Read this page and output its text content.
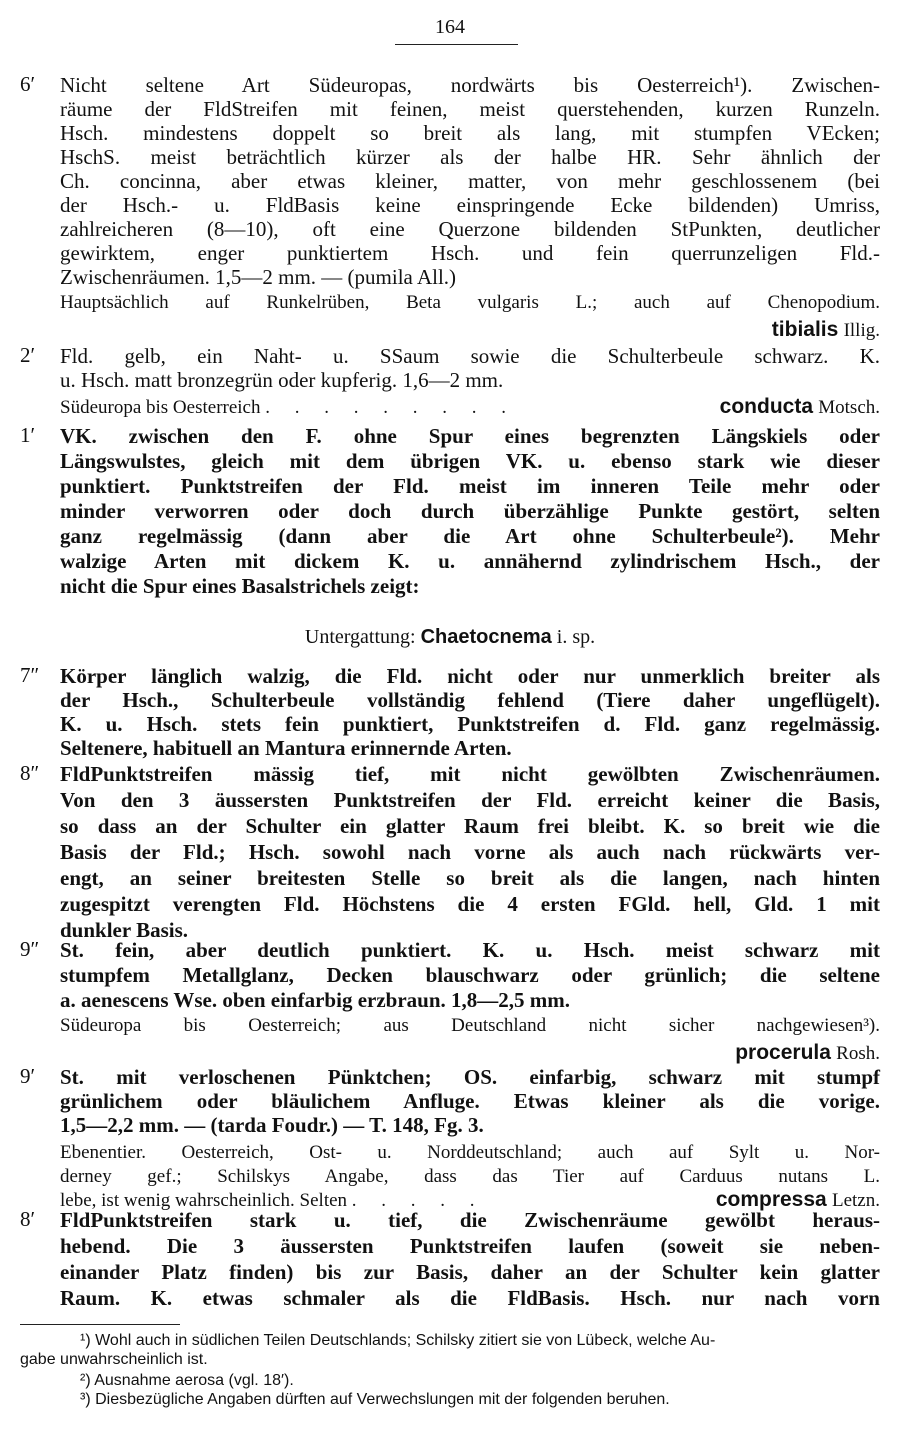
164
6′ Nicht seltene Art Südeuropas, nordwärts bis Oesterreich¹). Zwischen-
räume der FldStreifen mit feinen, meist querstehenden, kurzen Runzeln.
Hsch. mindestens doppelt so breit als lang, mit stumpfen VEcken;
HschS. meist beträchtlich kürzer als der halbe HR. Sehr ähnlich der
Ch. concinna, aber etwas kleiner, matter, von mehr geschlossenem (bei
der Hsch.- u. FldBasis keine einspringende Ecke bildenden) Umriss,
zahlreicheren (8—10), oft eine Querzone bildenden StPunkten, deutlicher
gewirktem, enger punktiertem Hsch. und fein querrunzeligen Fld.-
Zwischenräumen. 1,5—2 mm. — (pumila All.)
Hauptsächlich auf Runkelrüben, Beta vulgaris L.; auch auf Chenopodium.
tibialis Illig.
2′ Fld. gelb, ein Naht- u. SSaum sowie die Schulterbeule schwarz. K.
u. Hsch. matt bronzegrün oder kupferig. 1,6—2 mm.
Südeuropa bis Oesterreich . . . . . . . . .	conducta Motsch.
1′ VK. zwischen den F. ohne Spur eines begrenzten Längskiels oder
Längswulstes, gleich mit dem übrigen VK. u. ebenso stark wie dieser
punktiert. Punktstreifen der Fld. meist im inneren Teile mehr oder
minder verworren oder doch durch überzählige Punkte gestört, selten
ganz regelmässig (dann aber die Art ohne Schulterbeule²). Mehr
walzige Arten mit dickem K. u. annähernd zylindrischem Hsch., der
nicht die Spur eines Basalstrichels zeigt:
Untergattung: Chaetocnema i. sp.
7″ Körper länglich walzig, die Fld. nicht oder nur unmerklich breiter als
der Hsch., Schulterbeule vollständig fehlend (Tiere daher ungeflügelt).
K. u. Hsch. stets fein punktiert, Punktstreifen d. Fld. ganz regelmässig.
Seltenere, habituell an Mantura erinnernde Arten.
8″ FldPunktstreifen mässig tief, mit nicht gewölbten Zwischenräumen.
Von den 3 äussersten Punktstreifen der Fld. erreicht keiner die Basis,
so dass an der Schulter ein glatter Raum frei bleibt. K. so breit wie die
Basis der Fld.; Hsch. sowohl nach vorne als auch nach rückwärts ver-
engt, an seiner breitesten Stelle so breit als die langen, nach hinten
zugespitzt verengten Fld. Höchstens die 4 ersten FGld. hell, Gld. 1 mit
dunkler Basis.
9″ St. fein, aber deutlich punktiert. K. u. Hsch. meist schwarz mit
stumpfem Metallglanz, Decken blauschwarz oder grünlich; die seltene
a. aenescens Wse. oben einfarbig erzbraun. 1,8—2,5 mm.
Südeuropa bis Oesterreich; aus Deutschland nicht sicher nachgewiesen³).
procerula Rosh.
9′ St. mit verloschenen Pünktchen; OS. einfarbig, schwarz mit stumpf
grünlichem oder bläulichem Anfluge. Etwas kleiner als die vorige.
1,5—2,2 mm. — (tarda Foudr.) — T. 148, Fg. 3.
Ebenentier. Oesterreich, Ost- u. Norddeutschland; auch auf Sylt u. Nor-
derney gef.; Schilskys Angabe, dass das Tier auf Carduus nutans L.
lebe, ist wenig wahrscheinlich. Selten . . . . .	compressa Letzn.
8′ FldPunktstreifen stark u. tief, die Zwischenräume gewölbt heraus-
hebend. Die 3 äussersten Punktstreifen laufen (soweit sie neben-
einander Platz finden) bis zur Basis, daher an der Schulter kein glatter
Raum. K. etwas schmaler als die FldBasis. Hsch. nur nach vorn
¹) Wohl auch in südlichen Teilen Deutschlands; Schilsky zitiert sie von Lübeck, welche Au-
gabe unwahrscheinlich ist.
²) Ausnahme aerosa (vgl. 18′).
³) Diesbezügliche Angaben dürften auf Verwechslungen mit der folgenden beruhen.
